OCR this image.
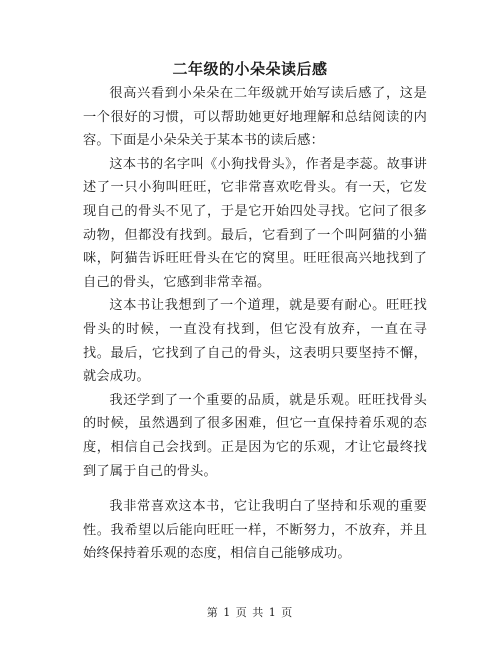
二年级的小朵朵读后感

很高兴看到小朵朵在二年级就开始写读后感了，这是一个很好的习惯，可以帮助她更好地理解和总结阅读的内容。下面是小朵朵关于某本书的读后感：

这本书的名字叫《小狗找骨头》，作者是李蕊。故事讲述了一只小狗叫旺旺，它非常喜欢吃骨头。有一天，它发现自己的骨头不见了，于是它开始四处寻找。它问了很多动物，但都没有找到。最后，它看到了一个叫阿猫的小猫咪，阿猫告诉旺旺骨头在它的窝里。旺旺很高兴地找到了自己的骨头，它感到非常幸福。

这本书让我想到了一个道理，就是要有耐心。旺旺找骨头的时候，一直没有找到，但它没有放弃，一直在寻找。最后，它找到了自己的骨头，这表明只要坚持不懈，就会成功。

我还学到了一个重要的品质，就是乐观。旺旺找骨头的时候，虽然遇到了很多困难，但它一直保持着乐观的态度，相信自己会找到。正是因为它的乐观，才让它最终找到了属于自己的骨头。

我非常喜欢这本书，它让我明白了坚持和乐观的重要性。我希望以后能向旺旺一样，不断努力，不放弃，并且始终保持着乐观的态度，相信自己能够成功。

第 1 页 共 1 页
